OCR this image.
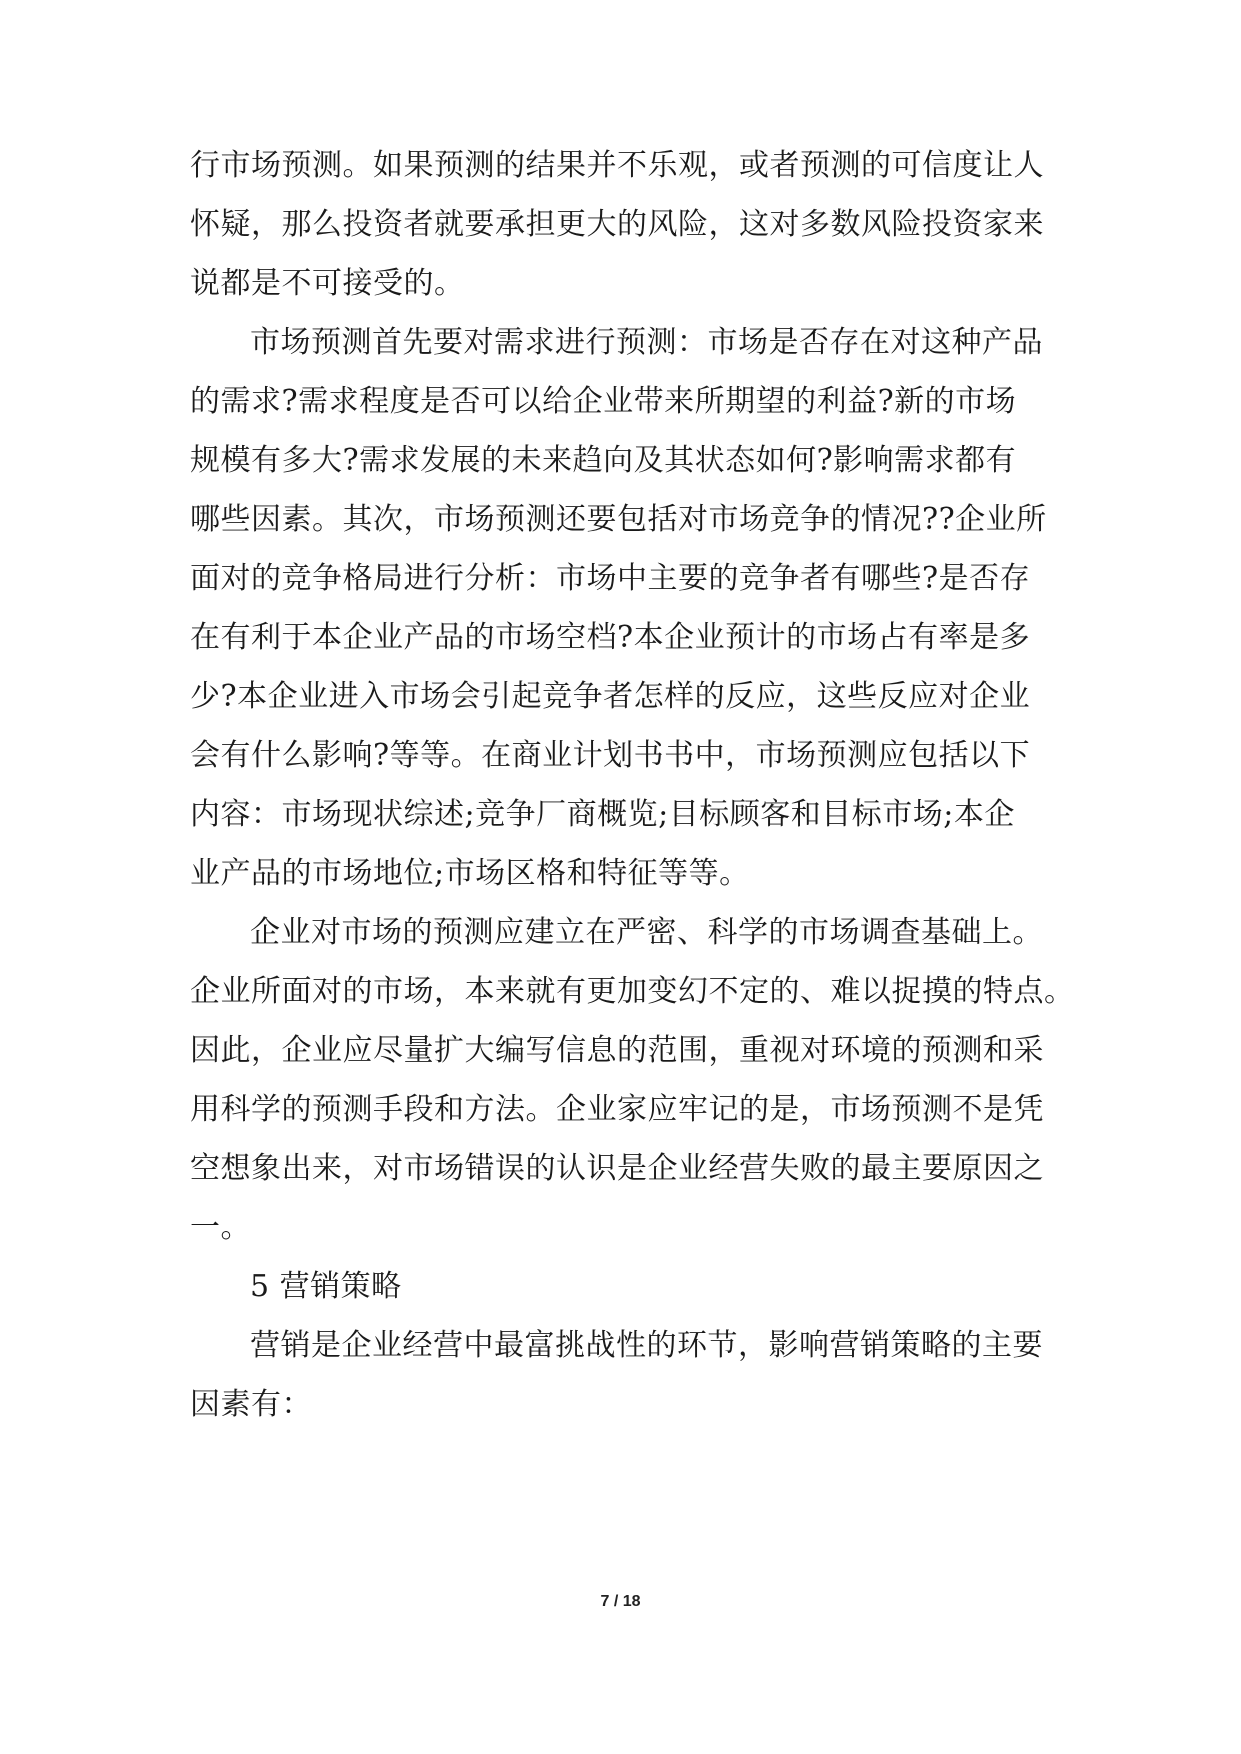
行市场预测。如果预测的结果并不乐观，或者预测的可信度让人
怀疑，那么投资者就要承担更大的风险，这对多数风险投资家来
说都是不可接受的。
市场预测首先要对需求进行预测：市场是否存在对这种产品
的需求?需求程度是否可以给企业带来所期望的利益?新的市场
规模有多大?需求发展的未来趋向及其状态如何?影响需求都有
哪些因素。其次，市场预测还要包括对市场竞争的情况??企业所
面对的竞争格局进行分析：市场中主要的竞争者有哪些?是否存
在有利于本企业产品的市场空档?本企业预计的市场占有率是多
少?本企业进入市场会引起竞争者怎样的反应，这些反应对企业
会有什么影响?等等。在商业计划书书中，市场预测应包括以下
内容：市场现状综述;竞争厂商概览;目标顾客和目标市场;本企
业产品的市场地位;市场区格和特征等等。
企业对市场的预测应建立在严密、科学的市场调查基础上。
企业所面对的市场，本来就有更加变幻不定的、难以捉摸的特点。
因此，企业应尽量扩大编写信息的范围，重视对环境的预测和采
用科学的预测手段和方法。企业家应牢记的是，市场预测不是凭
空想象出来，对市场错误的认识是企业经营失败的最主要原因之
一。
5 营销策略
营销是企业经营中最富挑战性的环节，影响营销策略的主要
因素有：
7 / 18
